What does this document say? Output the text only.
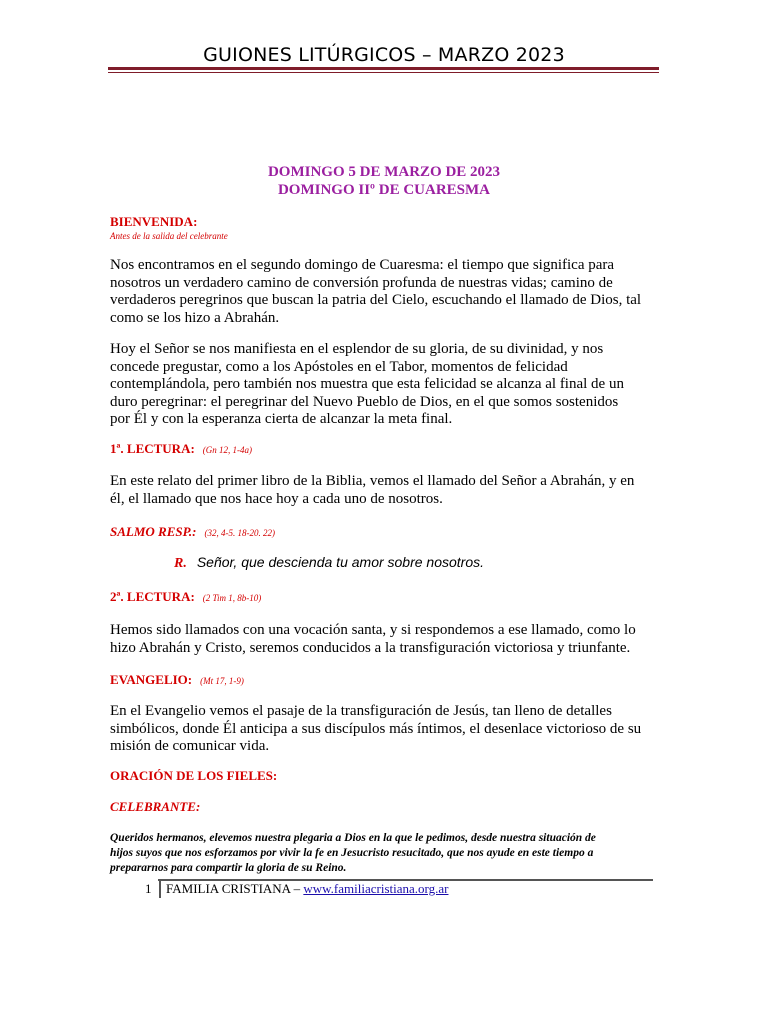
GUIONES LITÚRGICOS – MARZO 2023
DOMINGO 5 DE MARZO DE 2023
DOMINGO IIº DE CUARESMA
BIENVENIDA:
Antes de la salida del celebrante
Nos encontramos en el segundo domingo de Cuaresma: el tiempo que significa para
nosotros un verdadero camino de conversión profunda de nuestras vidas; camino de
verdaderos peregrinos que buscan la patria del Cielo, escuchando el llamado de Dios, tal
como se los hizo a Abrahán.
Hoy el Señor se nos manifiesta en el esplendor de su gloria, de su divinidad, y nos
concede pregustar, como a los Apóstoles en el Tabor, momentos de felicidad
contemplándola, pero también nos muestra que esta felicidad se alcanza al final de un
duro peregrinar: el peregrinar del Nuevo Pueblo de Dios, en el que somos sostenidos
por Él y con la esperanza cierta de alcanzar la meta final.
1ª. LECTURA: (Gn 12, 1-4a)
En este relato del primer libro de la Biblia, vemos el llamado del Señor a Abrahán, y en
él, el llamado que nos hace hoy a cada uno de nosotros.
SALMO RESP.: (32, 4-5. 18-20. 22)
R. Señor, que descienda tu amor sobre nosotros.
2ª. LECTURA: (2 Tim 1, 8b-10)
Hemos sido llamados con una vocación santa, y si respondemos a ese llamado, como lo
hizo Abrahán y Cristo, seremos conducidos a la transfiguración victoriosa y triunfante.
EVANGELIO: (Mt 17, 1-9)
En el Evangelio vemos el pasaje de la transfiguración de Jesús, tan lleno de detalles
simbólicos, donde Él anticipa a sus discípulos más íntimos, el desenlace victorioso de su
misión de comunicar vida.
ORACIÓN DE LOS FIELES:
CELEBRANTE:
Queridos hermanos, elevemos nuestra plegaria a Dios en la que le pedimos, desde nuestra situación de
hijos suyos que nos esforzamos por vivir la fe en Jesucristo resucitado, que nos ayude en este tiempo a
prepararnos para compartir la gloria de su Reino.
1 FAMILIA CRISTIANA – www.familiacristiana.org.ar
